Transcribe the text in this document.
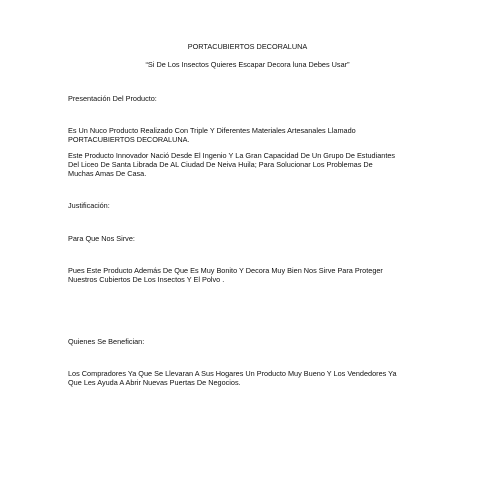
PORTACUBIERTOS DECORALUNA

“Si De Los Insectos Quieres Escapar Decora luna Debes Usar”

Presentación Del Producto:

Es Un Nuco Producto Realizado Con Triple Y Diferentes Materiales Artesanales Llamado

PORTACUBIERTOS DECORALUNA.

Este Producto Innovador Nació Desde El Ingenio Y La Gran Capacidad De Un Grupo De Estudiantes

Del Liceo De Santa Librada De AL Ciudad De Neiva Huila; Para Solucionar Los Problemas De

Muchas Amas De Casa.

Justificación:

Para Que Nos Sirve:

Pues Este Producto Además De Que Es Muy Bonito Y Decora Muy Bien Nos Sirve Para Proteger

Nuestros Cubiertos De Los Insectos Y El Polvo .

Quienes Se Benefician:

Los Compradores Ya Que Se Llevaran A Sus Hogares Un Producto Muy Bueno Y Los Vendedores Ya

Que Les Ayuda A Abrir Nuevas Puertas De Negocios.
